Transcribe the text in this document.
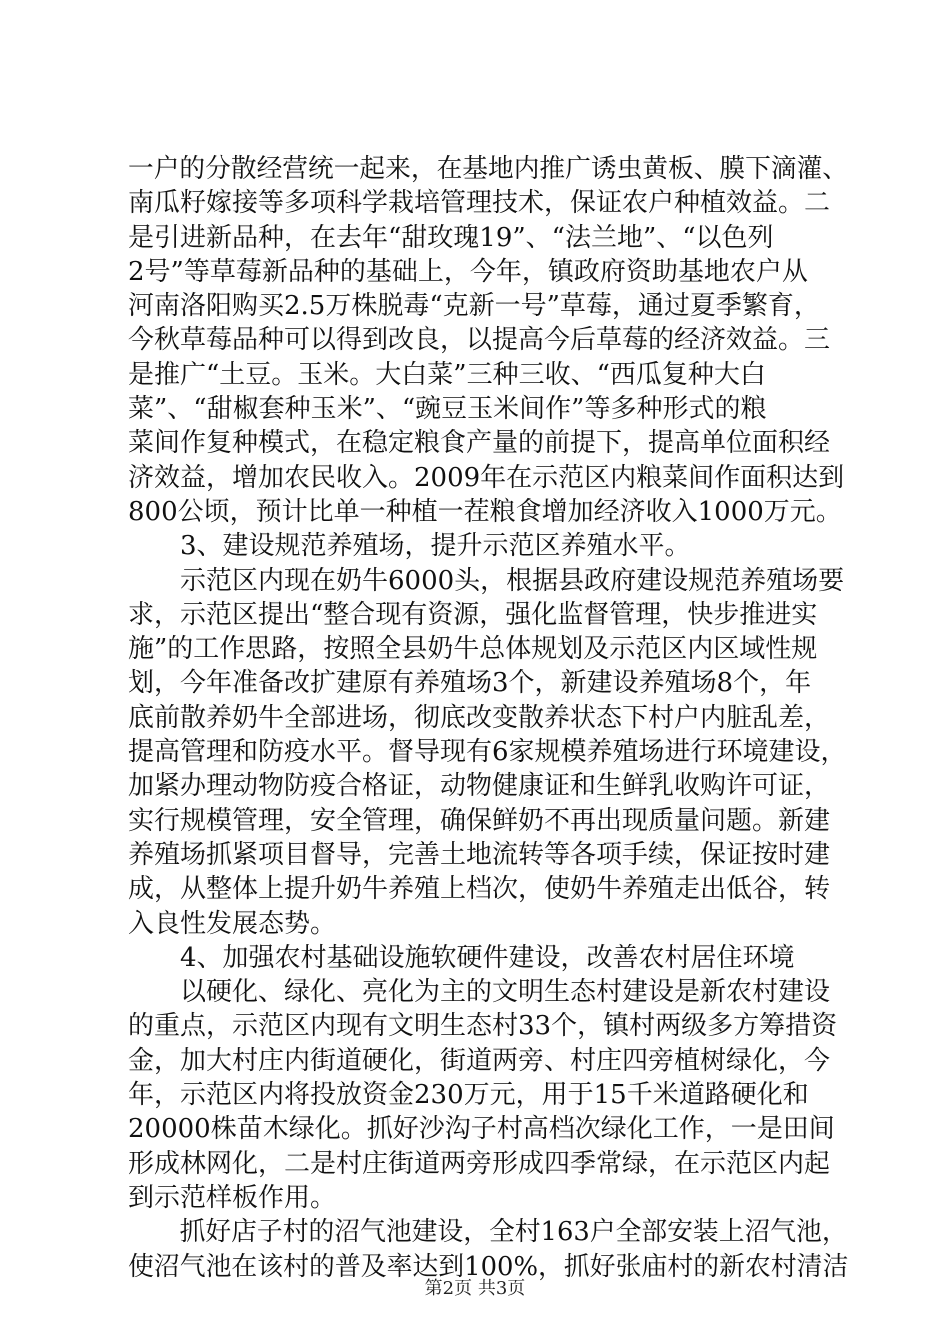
一户的分散经营统一起来，在基地内推广诱虫黄板、膜下滴灌、
南瓜籽嫁接等多项科学栽培管理技术，保证农户种植效益。二
是引进新品种，在去年“甜玫瑰19”、“法兰地”、“以色列
2号”等草莓新品种的基础上，今年，镇政府资助基地农户从
河南洛阳购买2.5万株脱毒“克新一号”草莓，通过夏季繁育，
今秋草莓品种可以得到改良，以提高今后草莓的经济效益。三
是推广“土豆。玉米。大白菜”三种三收、“西瓜复种大白
菜”、“甜椒套种玉米”、“豌豆玉米间作”等多种形式的粮
菜间作复种模式，在稳定粮食产量的前提下，提高单位面积经
济效益，增加农民收入。2009年在示范区内粮菜间作面积达到
800公顷，预计比单一种植一茬粮食增加经济收入1000万元。
　　3、建设规范养殖场，提升示范区养殖水平。
　　示范区内现在奶牛6000头，根据县政府建设规范养殖场要
求，示范区提出“整合现有资源，强化监督管理，快步推进实
施”的工作思路，按照全县奶牛总体规划及示范区内区域性规
划，今年准备改扩建原有养殖场3个，新建设养殖场8个，年
底前散养奶牛全部进场，彻底改变散养状态下村户内脏乱差，
提高管理和防疫水平。督导现有6家规模养殖场进行环境建设，
加紧办理动物防疫合格证，动物健康证和生鲜乳收购许可证，
实行规模管理，安全管理，确保鲜奶不再出现质量问题。新建
养殖场抓紧项目督导，完善土地流转等各项手续，保证按时建
成，从整体上提升奶牛养殖上档次，使奶牛养殖走出低谷，转
入良性发展态势。
　　4、加强农村基础设施软硬件建设，改善农村居住环境
　　以硬化、绿化、亮化为主的文明生态村建设是新农村建设
的重点，示范区内现有文明生态村33个，镇村两级多方筹措资
金，加大村庄内街道硬化，街道两旁、村庄四旁植树绿化，今
年，示范区内将投放资金230万元，用于15千米道路硬化和
20000株苗木绿化。抓好沙沟子村高档次绿化工作，一是田间
形成林网化，二是村庄街道两旁形成四季常绿，在示范区内起
到示范样板作用。
　　抓好店子村的沼气池建设，全村163户全部安装上沼气池，
使沼气池在该村的普及率达到100%，抓好张庙村的新农村清洁
第2页 共3页
